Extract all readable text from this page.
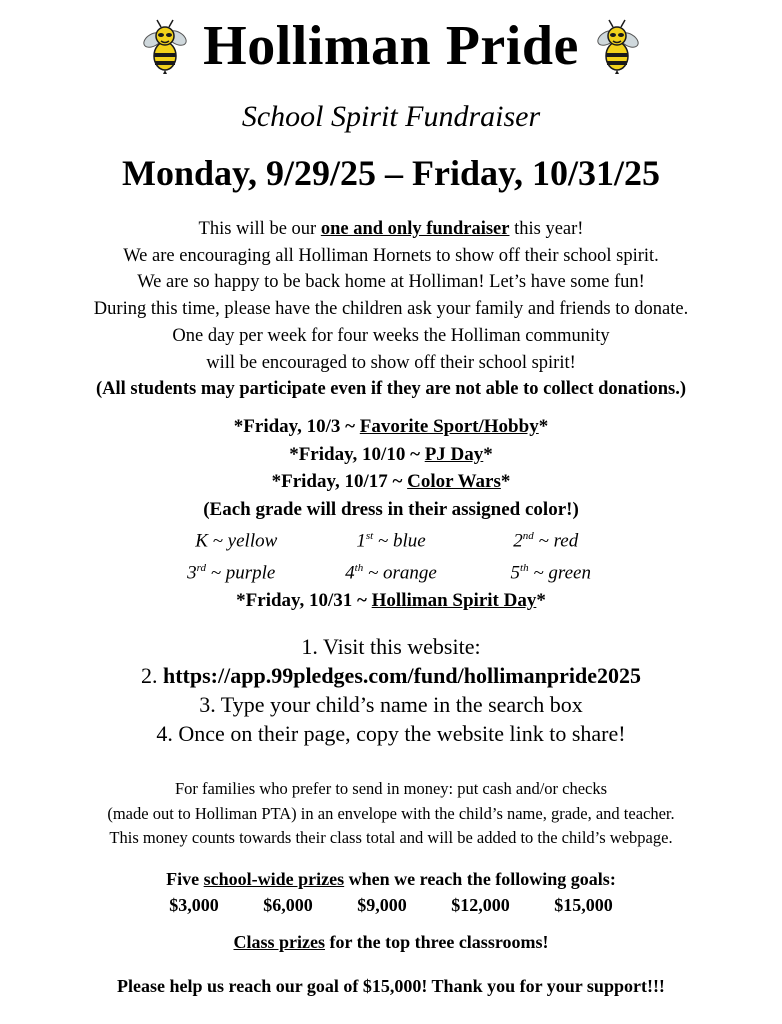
Holliman Pride
School Spirit Fundraiser
Monday, 9/29/25 – Friday, 10/31/25
This will be our one and only fundraiser this year!
We are encouraging all Holliman Hornets to show off their school spirit.
We are so happy to be back home at Holliman! Let’s have some fun!
During this time, please have the children ask your family and friends to donate.
One day per week for four weeks the Holliman community
will be encouraged to show off their school spirit!
(All students may participate even if they are not able to collect donations.)
*Friday, 10/3 ~ Favorite Sport/Hobby*
*Friday, 10/10 ~ PJ Day*
*Friday, 10/17 ~ Color Wars*
(Each grade will dress in their assigned color!)
K ~ yellow	1st ~ blue	2nd ~ red
3rd ~ purple	4th ~ orange	5th ~ green
*Friday, 10/31 ~ Holliman Spirit Day*
1. Visit this website:
2. https://app.99pledges.com/fund/hollimanpride2025
3. Type your child’s name in the search box
4. Once on their page, copy the website link to share!
For families who prefer to send in money: put cash and/or checks
(made out to Holliman PTA) in an envelope with the child’s name, grade, and teacher.
This money counts towards their class total and will be added to the child’s webpage.
Five school-wide prizes when we reach the following goals:
$3,000 $6,000 $9,000 $12,000 $15,000
Class prizes for the top three classrooms!
Please help us reach our goal of $15,000! Thank you for your support!!!
